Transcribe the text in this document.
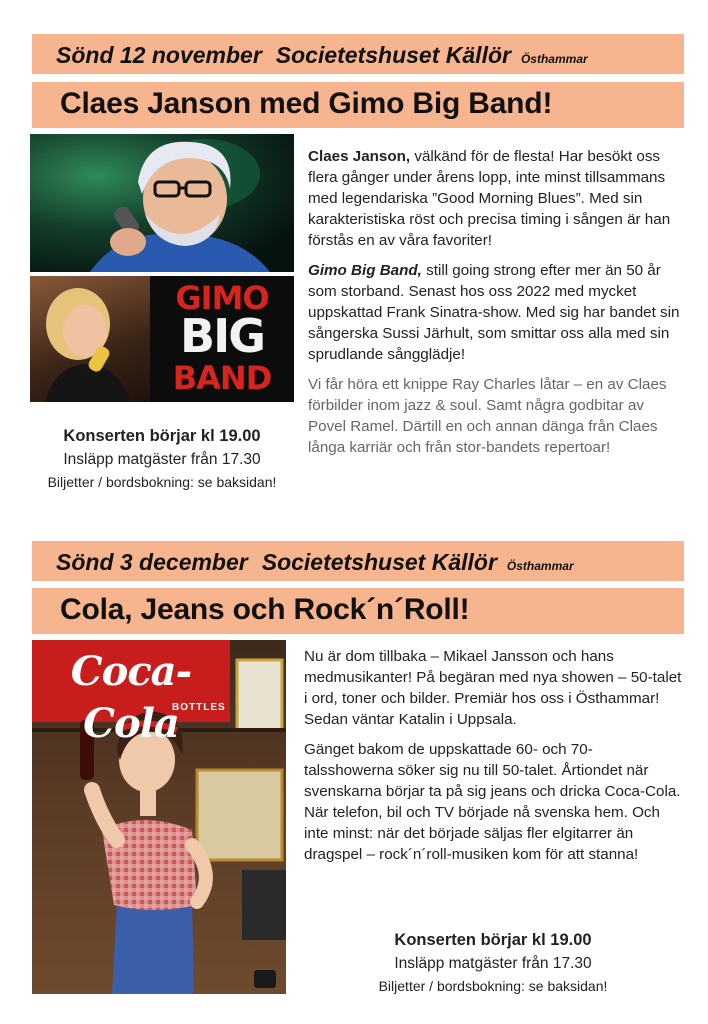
Sönd 12 november Societetshuset Källör Östhammar
Claes Janson med Gimo Big Band!
GIMO
BIG
BAND

Claes Janson, välkänd för de flesta! Har besökt oss flera gånger under årens lopp, inte minst tillsammans med legendariska ”Good Morning Blues”. Med sin karakteristiska röst och precisa timing i sången är han förstås en av våra favoriter!

Gimo Big Band, still going strong efter mer än 50 år som storband. Senast hos oss 2022 med mycket uppskattad Frank Sinatra-show. Med sig har bandet sin sångerska Sussi Järhult, som smittar oss alla med sin sprudlande sångglädje!

Vi får höra ett knippe Ray Charles låtar – en av Claes förbilder inom jazz & soul. Samt några godbitar av Povel Ramel. Därtill en och annan dänga från Claes långa karriär och från stor-bandets repertoar!

Konserten börjar kl 19.00
Insläpp matgäster från 17.30
Biljetter / bordsbokning: se baksidan!
Sönd 3 december Societetshuset Källör Östhammar
Cola, Jeans och Rock´n´Roll!
Coca-Cola
BOTTLES

Nu är dom tillbaka – Mikael Jansson och hans medmusikanter! På begäran med nya showen – 50-talet i ord, toner och bilder. Premiär hos oss i Östhammar! Sedan väntar Katalin i Uppsala.

Gänget bakom de uppskattade 60- och 70-talsshowerna söker sig nu till 50-talet. Årtiondet när svenskarna börjar ta på sig jeans och dricka Coca-Cola. När telefon, bil och TV började nå svenska hem. Och inte minst: när det började säljas fler elgitarrer än dragspel – rock´n´roll-musiken kom för att stanna!

Konserten börjar kl 19.00
Insläpp matgäster från 17.30
Biljetter / bordsbokning: se baksidan!
